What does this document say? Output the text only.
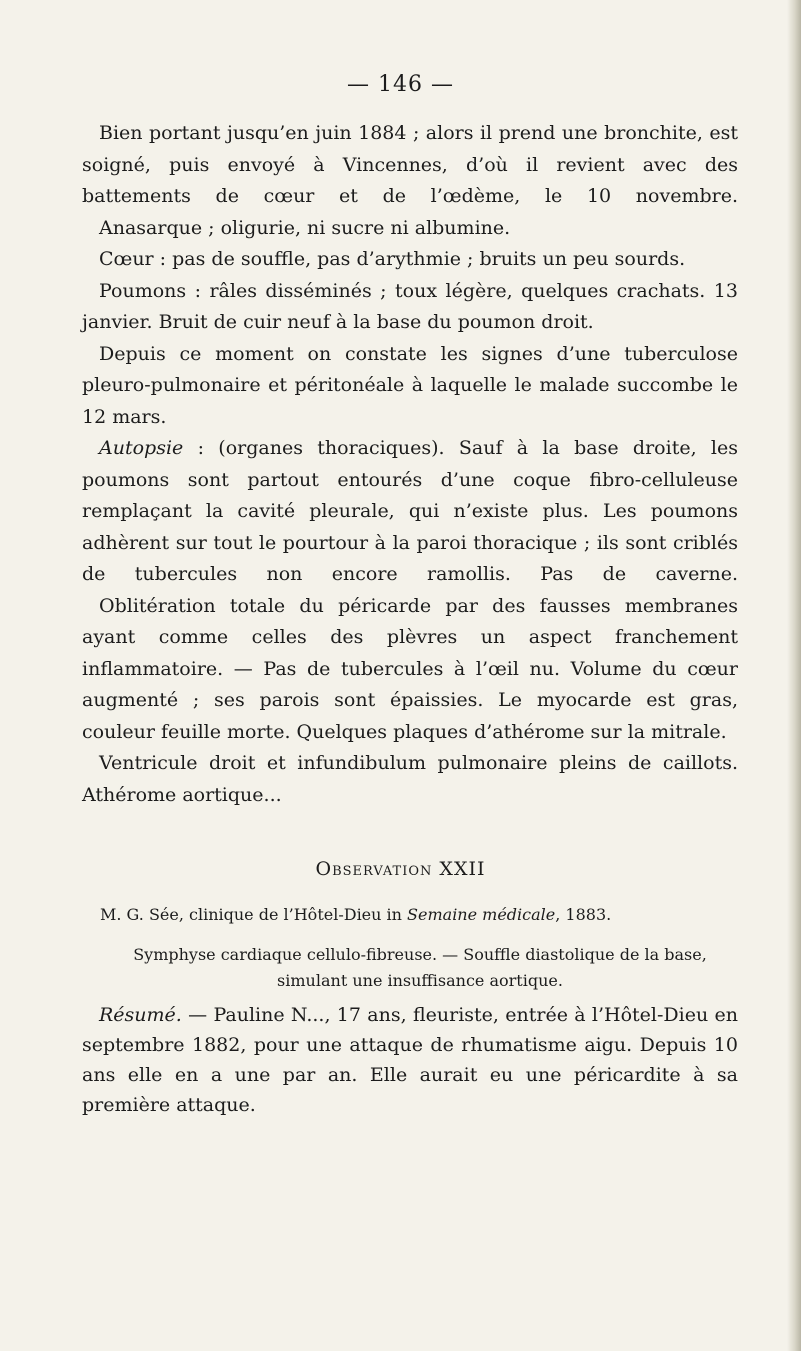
— 146 —

Bien portant jusqu’en juin 1884 ; alors il prend une bronchite, est soigné, puis envoyé à Vincennes, d’où il revient avec des battements de cœur et de l’œdème, le 10 novembre.

Anasarque ; oligurie, ni sucre ni albumine.

Cœur : pas de souffle, pas d’arythmie ; bruits un peu sourds.

Poumons : râles disséminés ; toux légère, quelques crachats. 13 janvier. Bruit de cuir neuf à la base du poumon droit.

Depuis ce moment on constate les signes d’une tuberculose pleuro-pulmonaire et péritonéale à laquelle le malade succombe le 12 mars.

Autopsie : (organes thoraciques). Sauf à la base droite, les poumons sont partout entourés d’une coque fibro-celluleuse remplaçant la cavité pleurale, qui n’existe plus. Les poumons adhèrent sur tout le pourtour à la paroi thoracique ; ils sont criblés de tubercules non encore ramollis. Pas de caverne.

Oblitération totale du péricarde par des fausses membranes ayant comme celles des plèvres un aspect franchement inflammatoire. — Pas de tubercules à l’œil nu. Volume du cœur augmenté ; ses parois sont épaissies. Le myocarde est gras, couleur feuille morte. Quelques plaques d’athérome sur la mitrale.

Ventricule droit et infundibulum pulmonaire pleins de caillots. Athérome aortique...

Observation XXII

M. G. Sée, clinique de l’Hôtel-Dieu in Semaine médicale, 1883.

Symphyse cardiaque cellulo-fibreuse. — Souffle diastolique de la base, simulant une insuffisance aortique.

Résumé. — Pauline N..., 17 ans, fleuriste, entrée à l’Hôtel-Dieu en septembre 1882, pour une attaque de rhumatisme aigu. Depuis 10 ans elle en a une par an. Elle aurait eu une péricardite à sa première attaque.
